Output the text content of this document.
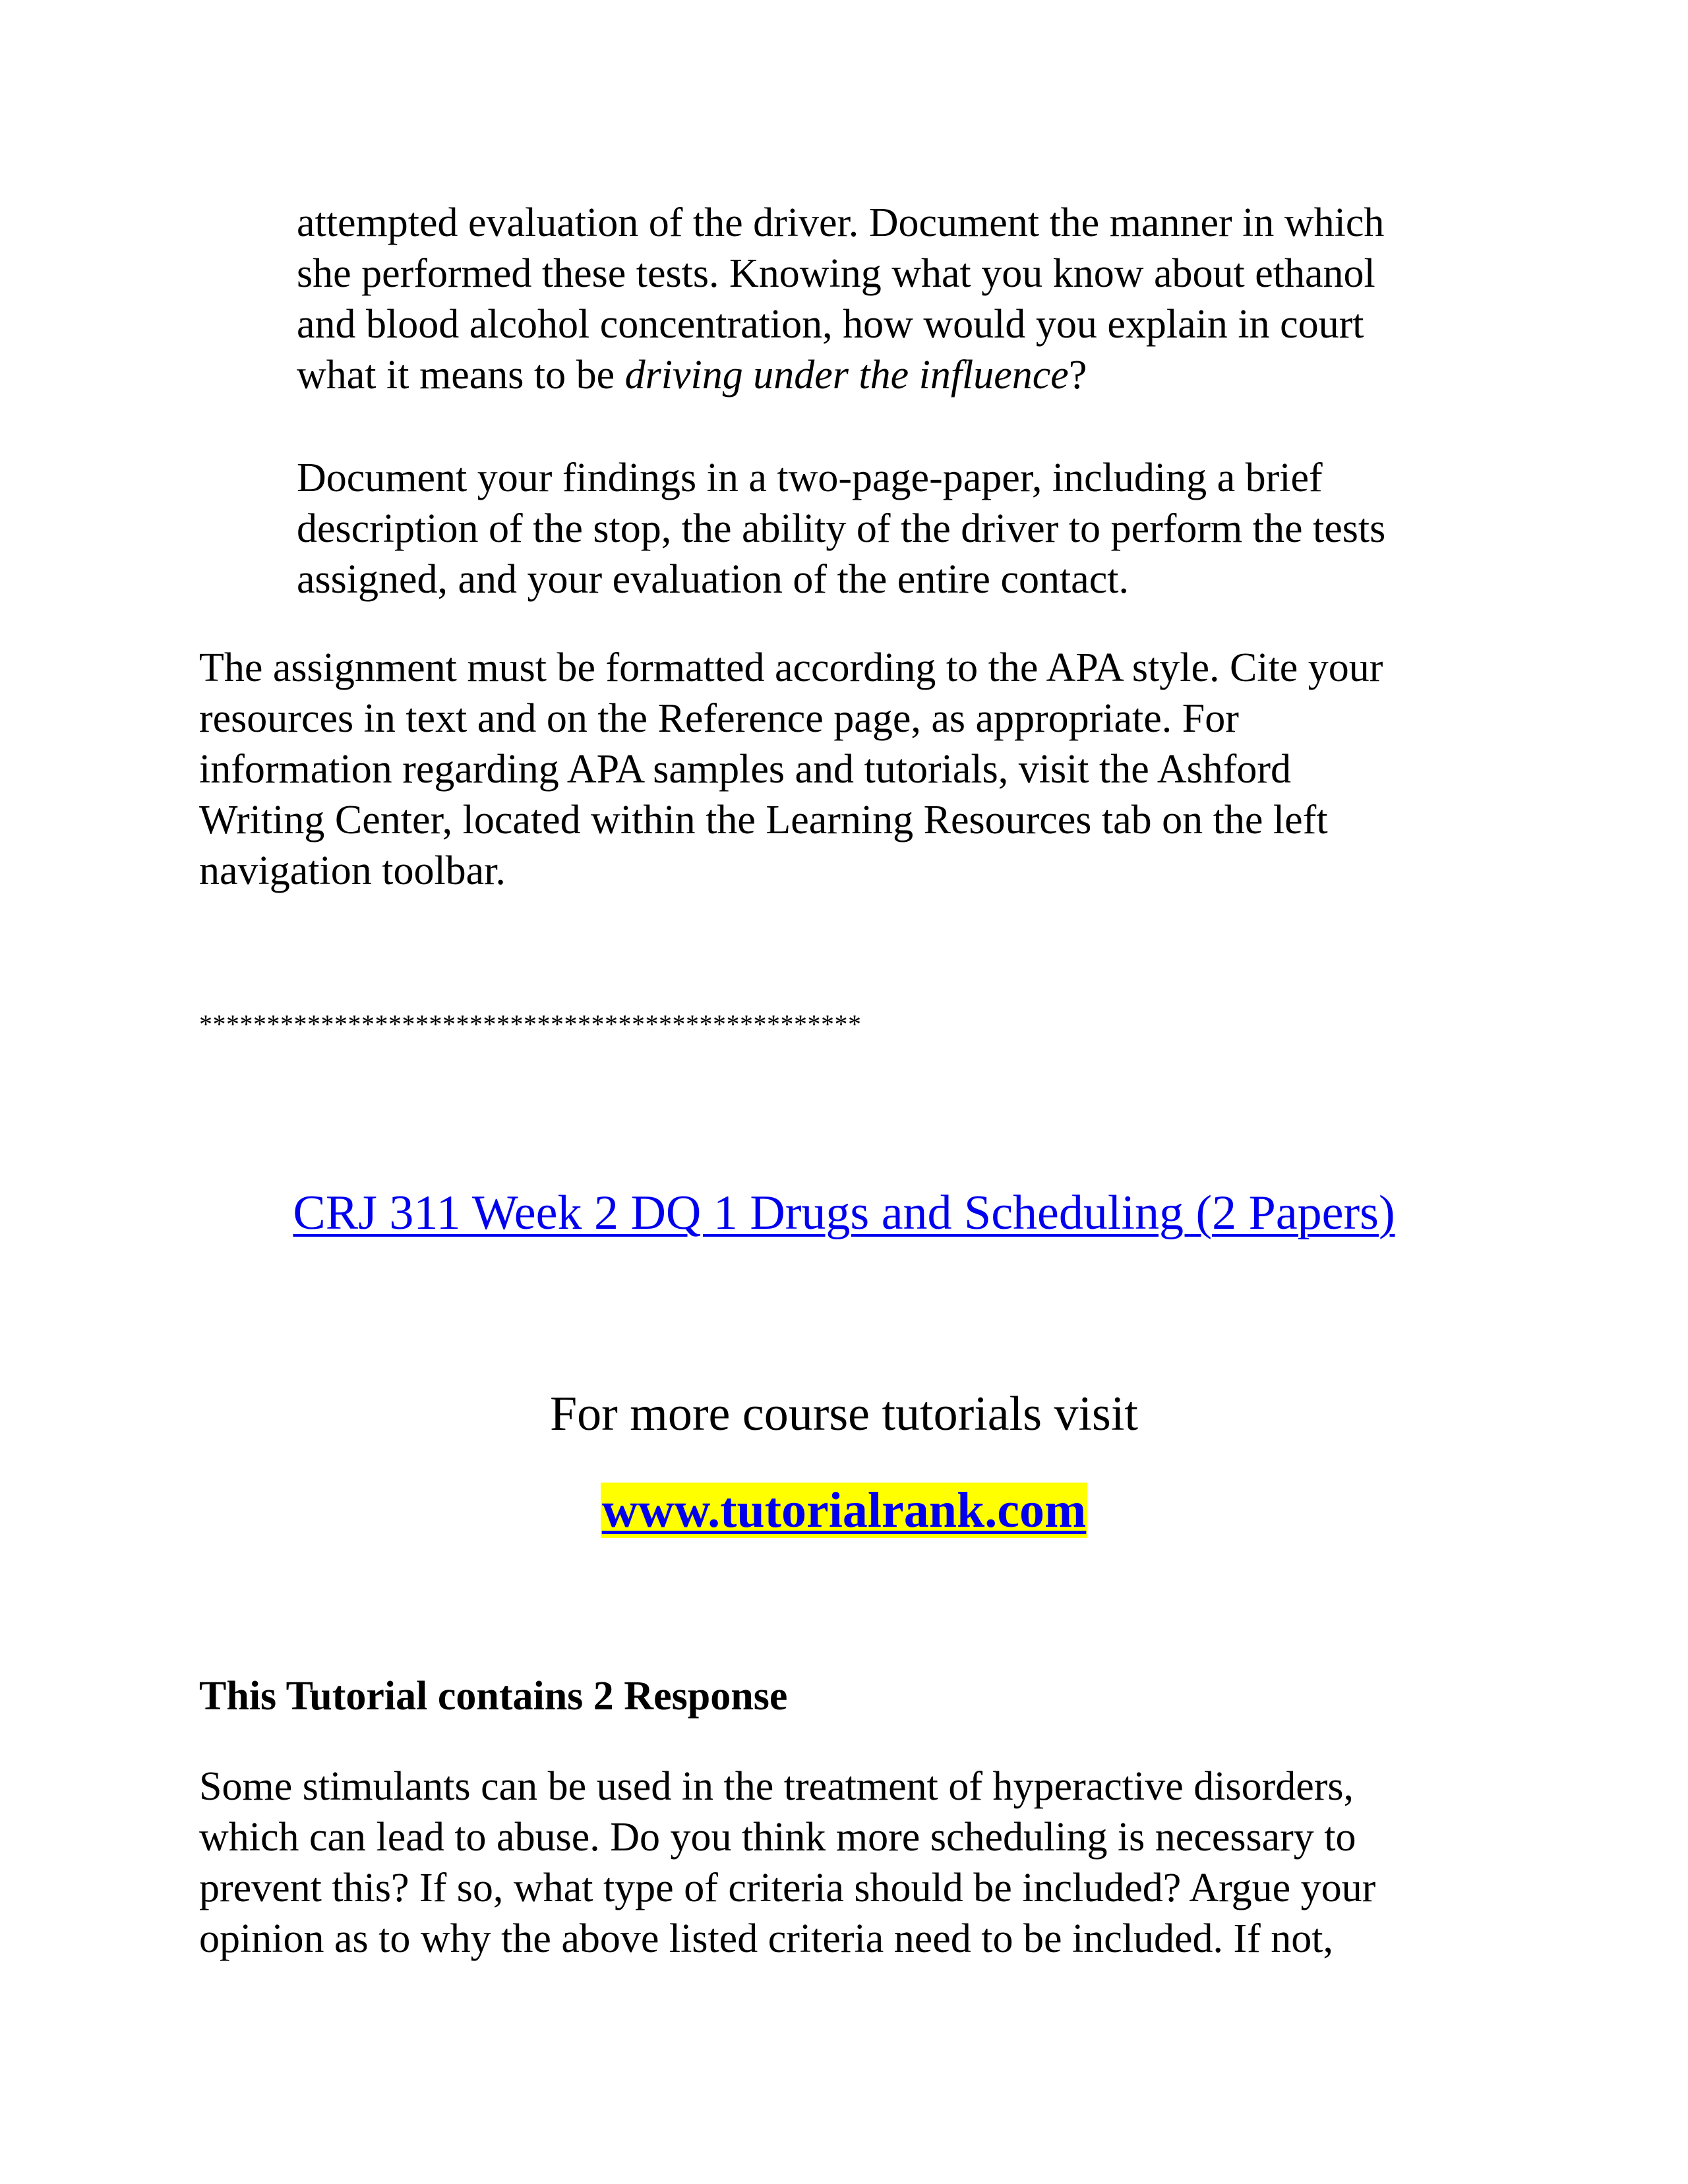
attempted evaluation of the driver. Document the manner in which
she performed these tests. Knowing what you know about ethanol
and blood alcohol concentration, how would you explain in court
what it means to be driving under the influence?
Document your findings in a two-page-paper, including a brief
description of the stop, the ability of the driver to perform the tests
assigned, and your evaluation of the entire contact.
The assignment must be formatted according to the APA style. Cite your
resources in text and on the Reference page, as appropriate. For
information regarding APA samples and tutorials, visit the Ashford
Writing Center, located within the Learning Resources tab on the left
navigation toolbar.

*************************************************

CRJ 311 Week 2 DQ 1 Drugs and Scheduling (2 Papers)

For more course tutorials visit

www.tutorialrank.com

This Tutorial contains 2 Response

Some stimulants can be used in the treatment of hyperactive disorders,
which can lead to abuse. Do you think more scheduling is necessary to
prevent this? If so, what type of criteria should be included? Argue your
opinion as to why the above listed criteria need to be included. If not,
